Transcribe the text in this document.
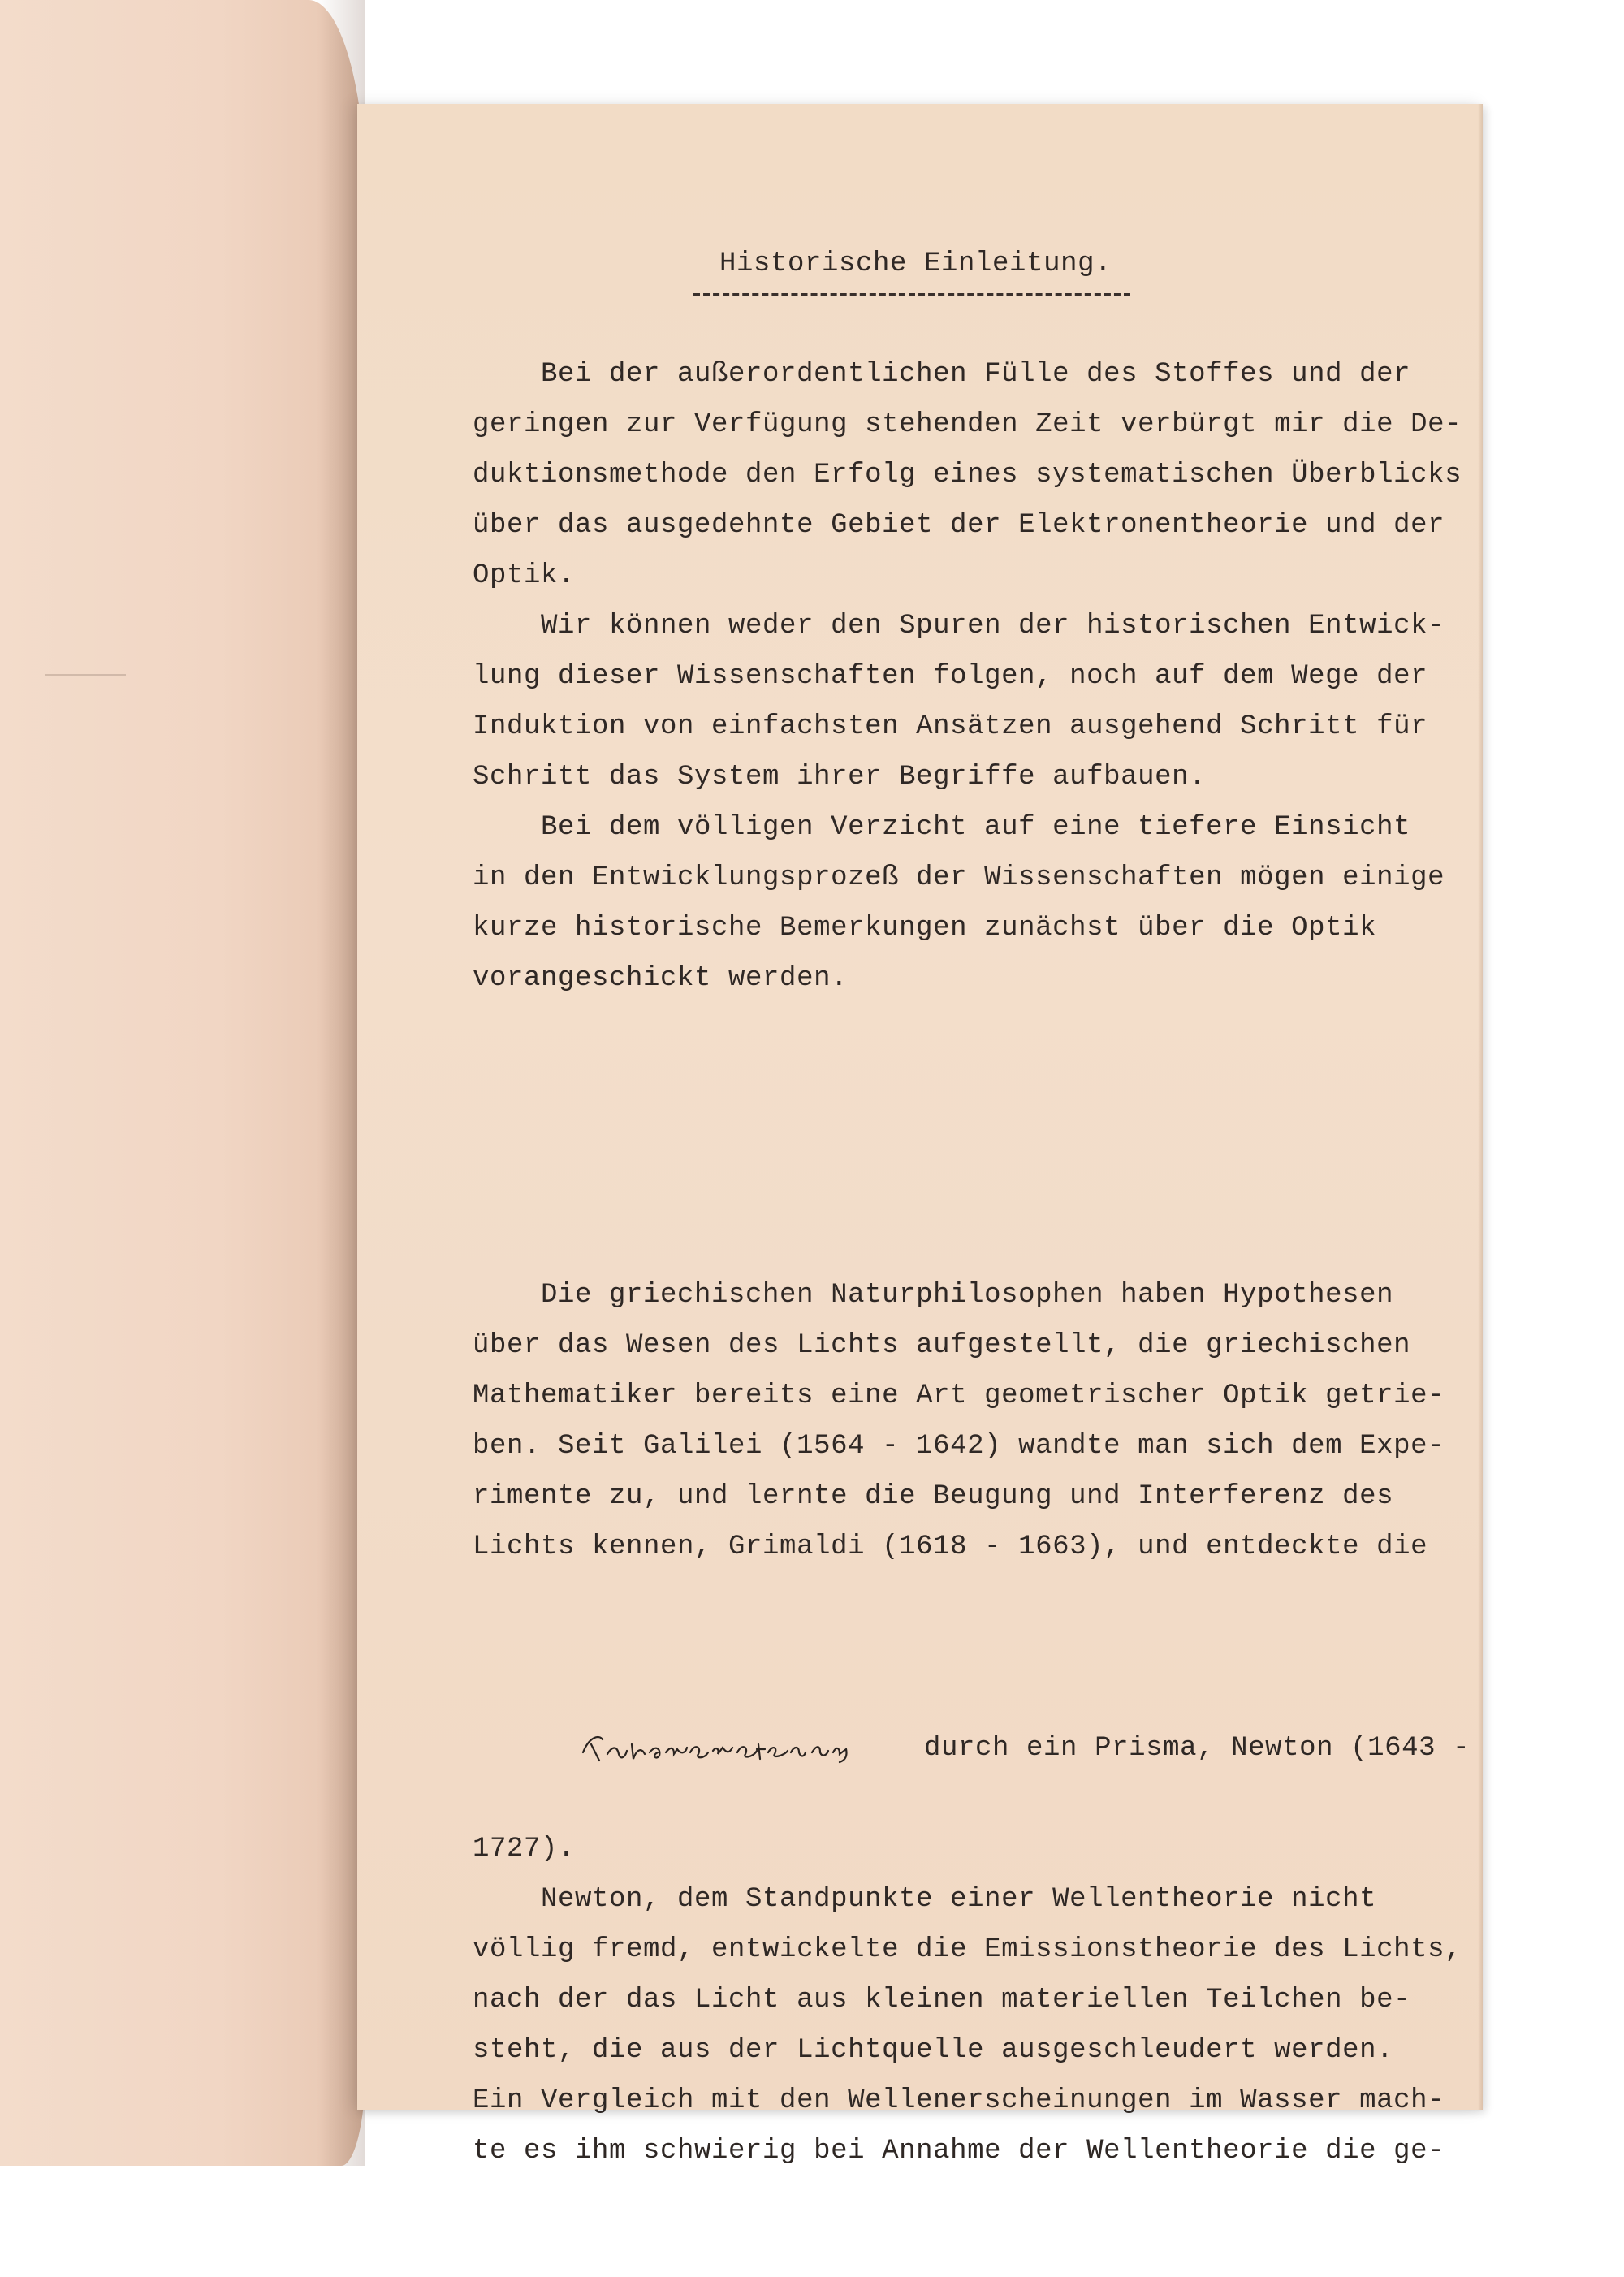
Historische Einleitung.
Bei der außerordentlichen Fülle des Stoffes und der
geringen zur Verfügung stehenden Zeit verbürgt mir die De-
duktionsmethode den Erfolg eines systematischen Überblicks
über das ausgedehnte Gebiet der Elektronentheorie und der
Optik.
Wir können weder den Spuren der historischen Entwick-
lung dieser Wissenschaften folgen, noch auf dem Wege der
Induktion von einfachsten Ansätzen ausgehend Schritt für
Schritt das System ihrer Begriffe aufbauen.
Bei dem völligen Verzicht auf eine tiefere Einsicht
in den Entwicklungsprozeß der Wissenschaften mögen einige
kurze historische Bemerkungen zunächst über die Optik
vorangeschickt werden.

Die griechischen Naturphilosophen haben Hypothesen
über das Wesen des Lichts aufgestellt, die griechischen
Mathematiker bereits eine Art geometrischer Optik getrie-
ben. Seit Galilei (1564 - 1642) wandte man sich dem Expe-
rimente zu, und lernte die Beugung und Interferenz des
Lichts kennen, Grimaldi (1618 - 1663), und entdeckte die

durch ein Prisma, Newton (1643 -

1727).
Newton, dem Standpunkte einer Wellentheorie nicht
völlig fremd, entwickelte die Emissionstheorie des Lichts,
nach der das Licht aus kleinen materiellen Teilchen be-
steht, die aus der Lichtquelle ausgeschleudert werden.
Ein Vergleich mit den Wellenerscheinungen im Wasser mach-
te es ihm schwierig bei Annahme der Wellentheorie die ge-
